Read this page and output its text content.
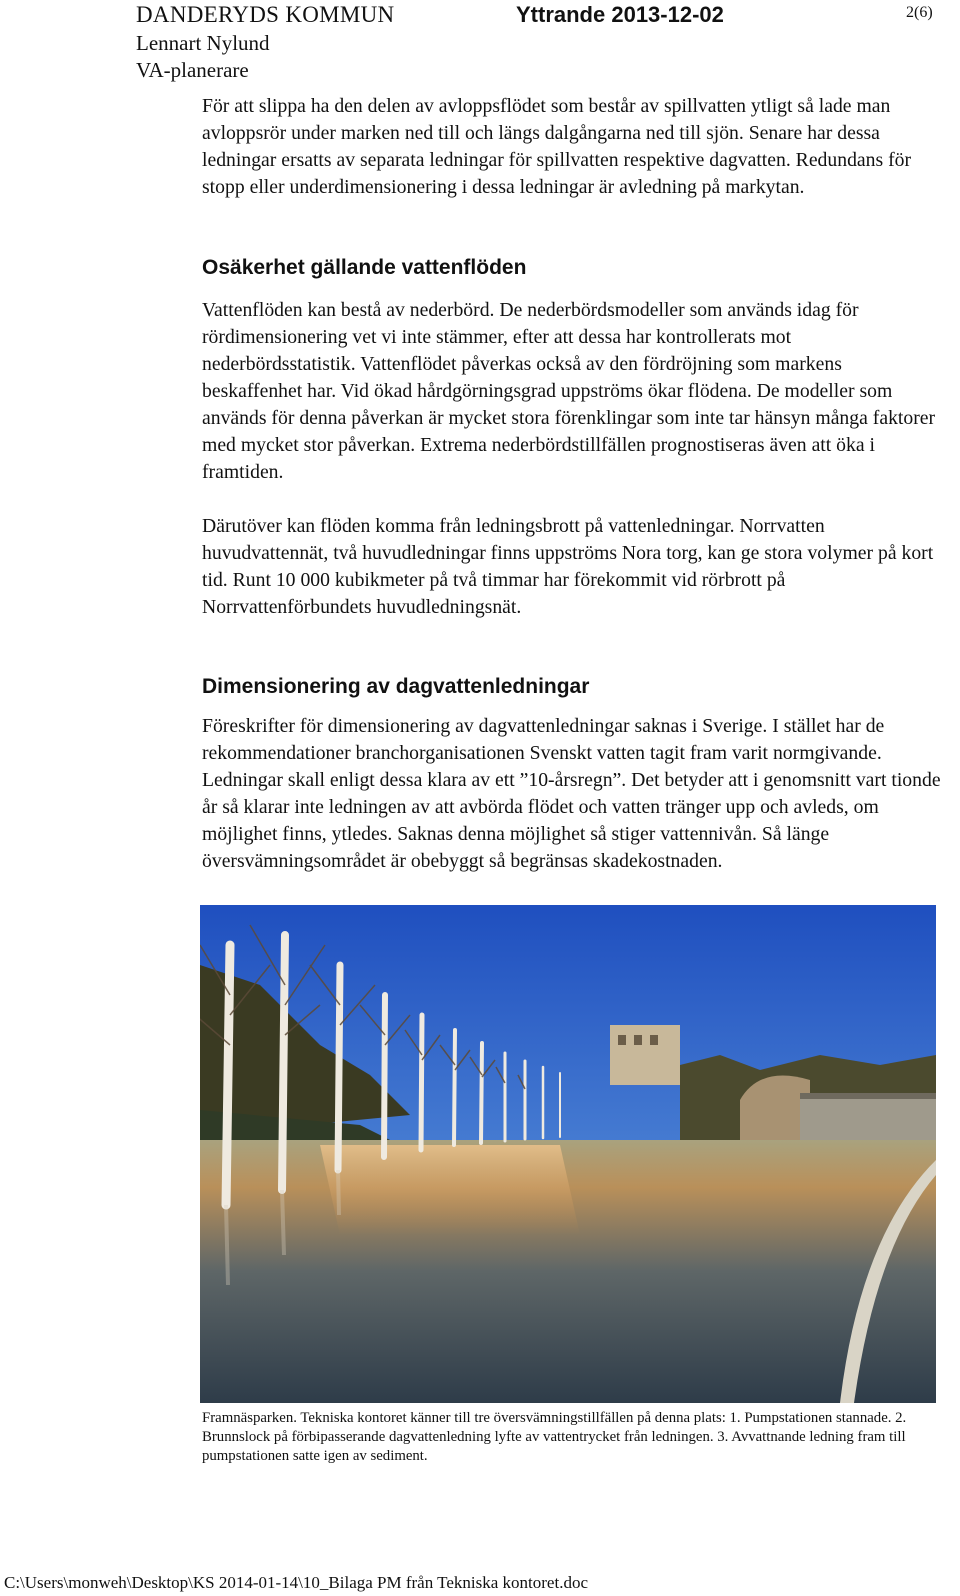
DANDERYDS KOMMUN	Yttrande 2013-12-02	2(6)
Lennart Nylund
VA-planerare

För att slippa ha den delen av avloppsflödet som består av spillvatten ytligt så lade man avloppsrör under marken ned till och längs dalgångarna ned till sjön. Senare har dessa ledningar ersatts av separata ledningar för spillvatten respektive dagvatten. Redundans för stopp eller underdimensionering i dessa ledningar är avledning på markytan.

Osäkerhet gällande vattenflöden

Vattenflöden kan bestå av nederbörd. De nederbördsmodeller som används idag för rördimensionering vet vi inte stämmer, efter att dessa har kontrollerats mot nederbördsstatistik. Vattenflödet påverkas också av den fördröjning som markens beskaffenhet har. Vid ökad hårdgörningsgrad uppströms ökar flödena. De modeller som används för denna påverkan är mycket stora förenklingar som inte tar hänsyn många faktorer med mycket stor påverkan. Extrema nederbördstillfällen prognostiseras även att öka i framtiden.

Därutöver kan flöden komma från ledningsbrott på vattenledningar. Norrvatten huvudvattennät, två huvudledningar finns uppströms Nora torg, kan ge stora volymer på kort tid. Runt 10 000 kubikmeter på två timmar har förekommit vid rörbrott på Norrvattenförbundets huvudledningsnät.

Dimensionering av dagvattenledningar

Föreskrifter för dimensionering av dagvattenledningar saknas i Sverige. I stället har de rekommendationer branchorganisationen Svenskt vatten tagit fram varit normgivande. Ledningar skall enligt dessa klara av ett ”10-årsregn”. Det betyder att i genomsnitt vart tionde år så klarar inte ledningen av att avbörda flödet och vatten tränger upp och avleds, om möjlighet finns, ytledes. Saknas denna möjlighet så stiger vattennivån. Så länge översvämningsområdet är obebyggt så begränsas skadekostnaden.

Framnäsparken. Tekniska kontoret känner till tre översvämningstillfällen på denna plats: 1. Pumpstationen stannade. 2. Brunnslock på förbipasserande dagvattenledning lyfte av vattentrycket från ledningen. 3. Avvattnande ledning fram till pumpstationen satte igen av sediment.

C:\Users\monweh\Desktop\KS 2014-01-14\10_Bilaga PM från Tekniska kontoret.doc
